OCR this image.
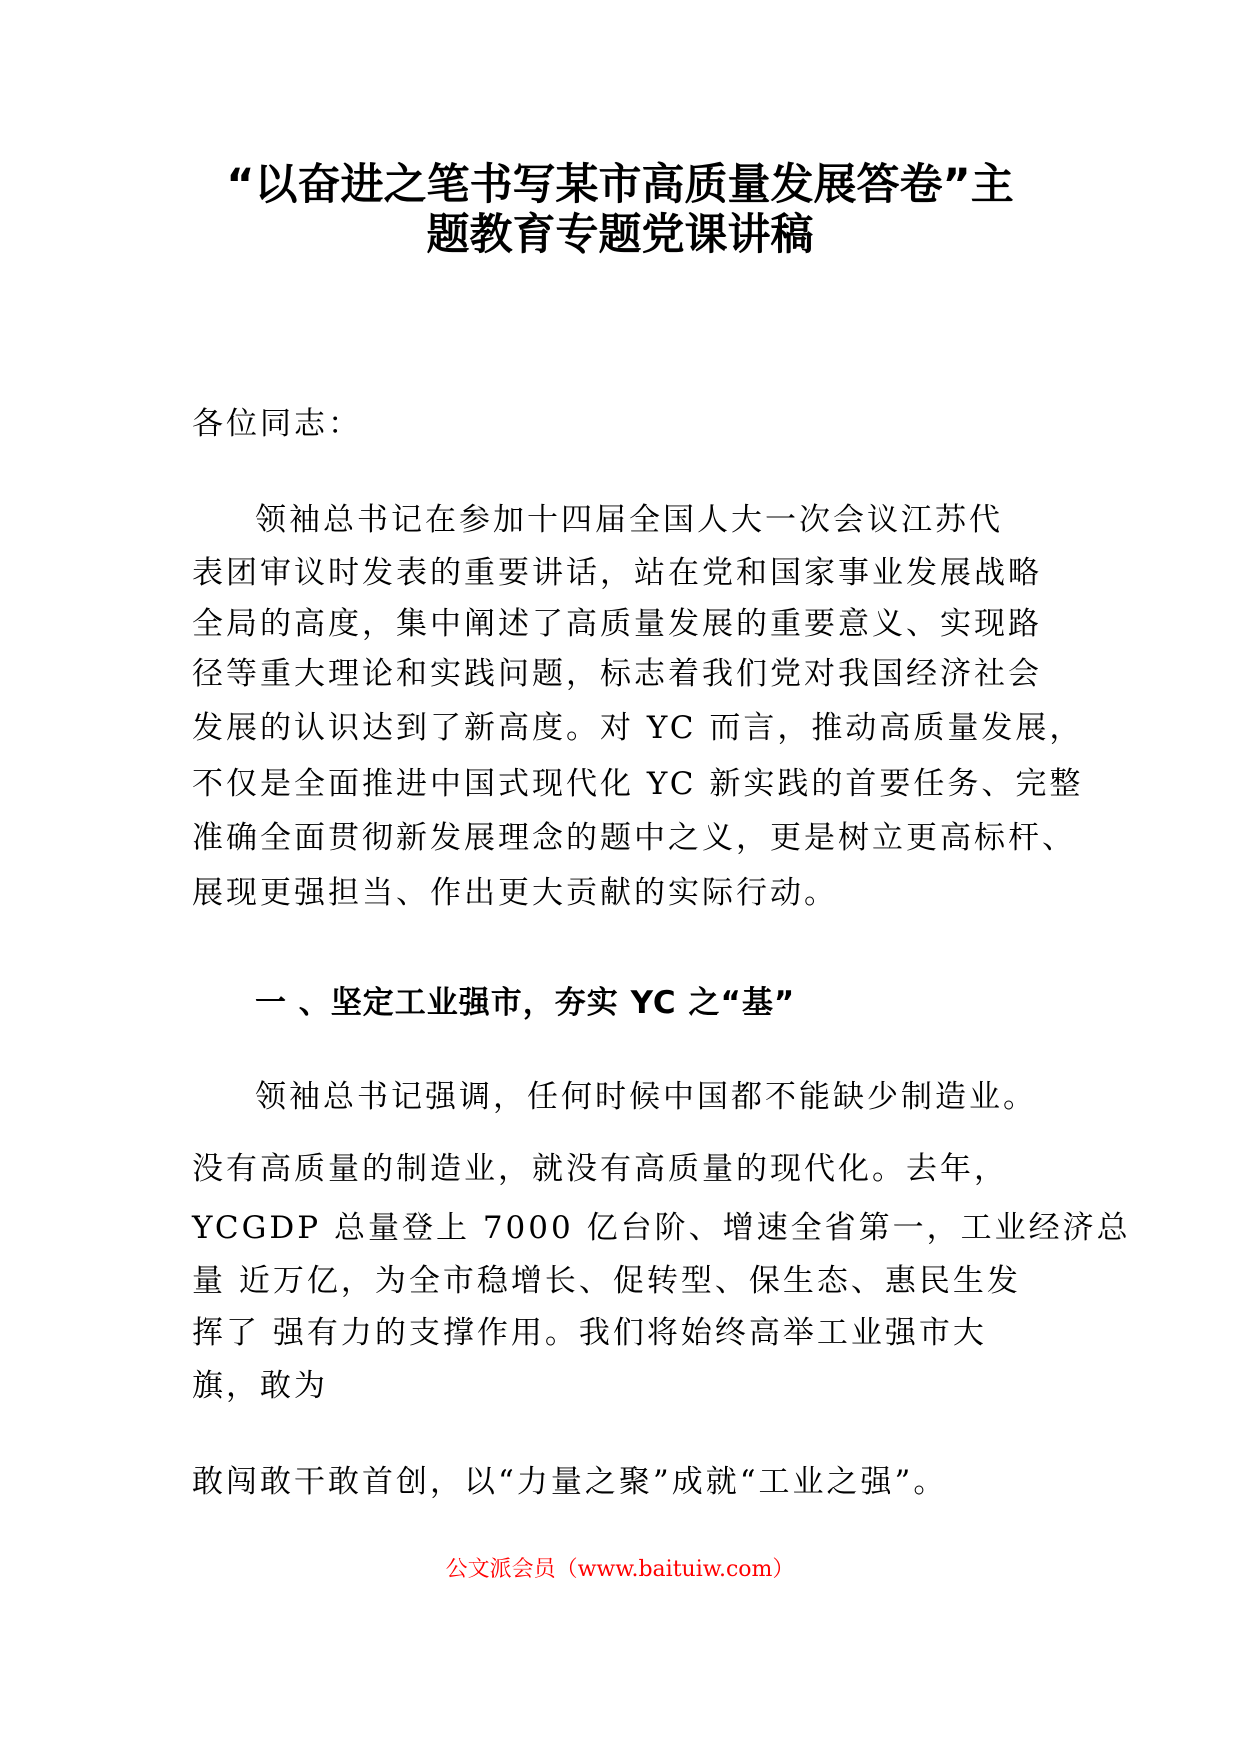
“以奋进之笔书写某市高质量发展答卷”主
题教育专题党课讲稿
各位同志：
领袖总书记在参加十四届全国人大一次会议江苏代
表团审议时发表的重要讲话，站在党和国家事业发展战略
全局的高度，集中阐述了高质量发展的重要意义、实现路
径等重大理论和实践问题，标志着我们党对我国经济社会
发展的认识达到了新高度。对 YC 而言，推动高质量发展，
不仅是全面推进中国式现代化 YC 新实践的首要任务、完整
准确全面贯彻新发展理念的题中之义，更是树立更高标杆、
展现更强担当、作出更大贡献的实际行动。
一 、坚定工业强市，夯实 YC 之“基”
领袖总书记强调，任何时候中国都不能缺少制造业。
没有高质量的制造业，就没有高质量的现代化。去年，
YCGDP 总量登上 7000 亿台阶、增速全省第一，工业经济总
量 近万亿，为全市稳增长、促转型、保生态、惠民生发
挥了 强有力的支撑作用。我们将始终高举工业强市大
旗，敢为
敢闯敢干敢首创，以“力量之聚”成就“工业之强”。
公文派会员（www.baituiw.com）
